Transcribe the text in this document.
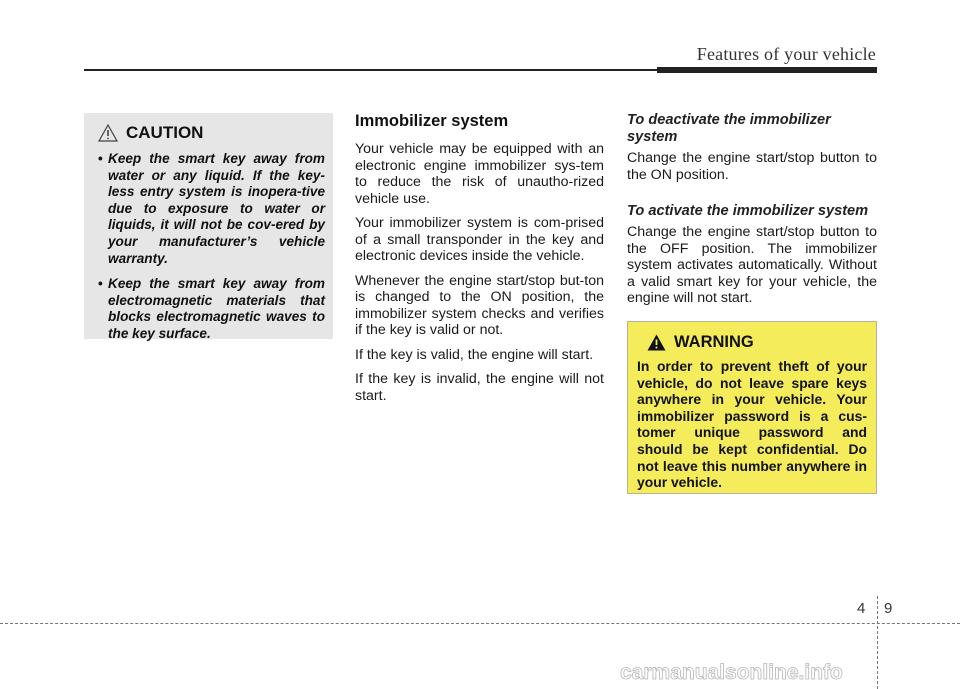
Features of your vehicle
CAUTION
• Keep the smart key away from water or any liquid. If the key-less entry system is inopera-tive due to exposure to water or liquids, it will not be cov-ered by your manufacturer’s vehicle warranty.
• Keep the smart key away from electromagnetic materials that blocks electromagnetic waves to the key surface.
Immobilizer system

Your vehicle may be equipped with an electronic engine immobilizer sys-tem to reduce the risk of unautho-rized vehicle use.

Your immobilizer system is com-prised of a small transponder in the key and electronic devices inside the vehicle.

Whenever the engine start/stop but-ton is changed to the ON position, the immobilizer system checks and verifies if the key is valid or not.

If the key is valid, the engine will start.

If the key is invalid, the engine will not start.

To deactivate the immobilizer system

Change the engine start/stop button to the ON position.

To activate the immobilizer system

Change the engine start/stop button to the OFF position. The immobilizer system activates automatically. Without a valid smart key for your vehicle, the engine will not start.

WARNING
In order to prevent theft of your vehicle, do not leave spare keys anywhere in your vehicle. Your immobilizer password is a cus-tomer unique password and should be kept confidential. Do not leave this number anywhere in your vehicle.
4 9
carmanualsonline.info
